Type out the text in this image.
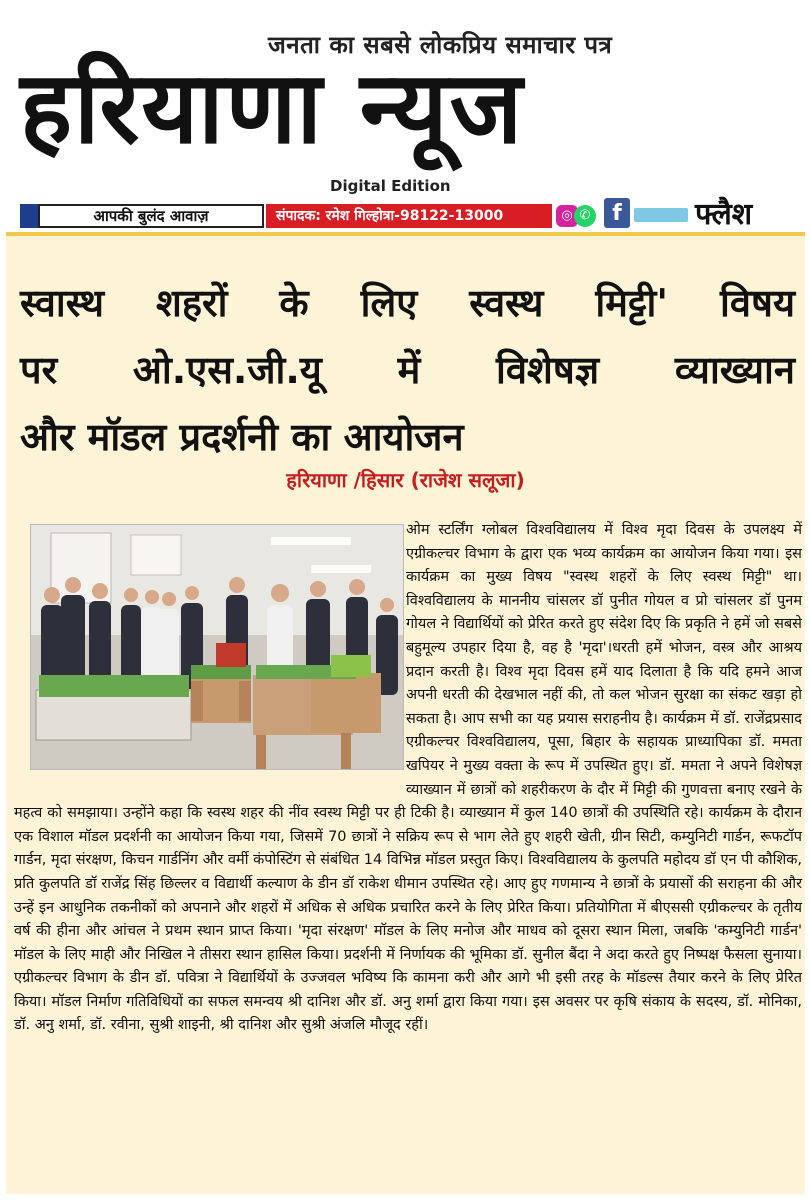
जनता का सबसे लोकप्रिय समाचार पत्र
हरियाणा न्यूज
Digital Edition
फ्लैश
आपकी बुलंद आवाज़	संपादक: रमेश गिल्होत्रा-98122-13000	◎ ✆ f
स्वास्थ शहरों के लिए स्वस्थ मिट्टी' विषय
पर ओ.एस.जी.यू में विशेषज्ञ व्याख्यान
और मॉडल प्रदर्शनी का आयोजन
हरियाणा /हिसार (राजेश सलूजा)
ओम स्टर्लिंग ग्लोबल विश्वविद्यालय में विश्व मृदा दिवस के उपलक्ष्य में एग्रीकल्चर विभाग के द्वारा एक भव्य कार्यक्रम का आयोजन किया गया। इस कार्यक्रम का मुख्य विषय "स्वस्थ शहरों के लिए स्वस्थ मिट्टी" था। विश्वविद्यालय के माननीय चांसलर डॉ पुनीत गोयल व प्रो चांसलर डॉ पुनम गोयल ने विद्यार्थियों को प्रेरित करते हुए संदेश दिए कि प्रकृति ने हमें जो सबसे बहुमूल्य उपहार दिया है, वह है 'मृदा'।धरती हमें भोजन, वस्त्र और आश्रय प्रदान करती है। विश्व मृदा दिवस हमें याद दिलाता है कि यदि हमने आज अपनी धरती की देखभाल नहीं की, तो कल भोजन सुरक्षा का संकट खड़ा हो सकता है। आप सभी का यह प्रयास सराहनीय है। कार्यक्रम में डॉ. राजेंद्रप्रसाद एग्रीकल्चर विश्वविद्यालय, पूसा, बिहार के सहायक प्राध्यापिका डॉ. ममता खपियर ने मुख्य वक्ता के रूप में उपस्थित हुए। डॉ. ममता ने अपने विशेषज्ञ व्याख्यान में छात्रों को शहरीकरण के दौर में मिट्टी की गुणवत्ता बनाए रखने के महत्व को समझाया। उन्होंने कहा कि स्वस्थ शहर की नींव स्वस्थ मिट्टी पर ही टिकी है। व्याख्यान में कुल 140 छात्रों की उपस्थिति रहे। कार्यक्रम के दौरान एक विशाल मॉडल प्रदर्शनी का आयोजन किया गया, जिसमें 70 छात्रों ने सक्रिय रूप से भाग लेते हुए शहरी खेती, ग्रीन सिटी, कम्युनिटी गार्डन, रूफटॉप गार्डन, मृदा संरक्षण, किचन गार्डनिंग और वर्मी कंपोस्टिंग से संबंधित 14 विभिन्न मॉडल प्रस्तुत किए। विश्वविद्यालय के कुलपति महोदय डॉ एन पी कौशिक, प्रति कुलपति डॉ राजेंद्र सिंह छिल्लर व विद्यार्थी कल्याण के डीन डॉ राकेश धीमान उपस्थित रहे। आए हुए गणमान्य ने छात्रों के प्रयासों की सराहना की और उन्हें इन आधुनिक तकनीकों को अपनाने और शहरों में अधिक से अधिक प्रचारित करने के लिए प्रेरित किया। प्रतियोगिता में बीएससी एग्रीकल्चर के तृतीय वर्ष की हीना और आंचल ने प्रथम स्थान प्राप्त किया। 'मृदा संरक्षण' मॉडल के लिए मनोज और माधव को दूसरा स्थान मिला, जबकि 'कम्युनिटी गार्डन' मॉडल के लिए माही और निखिल ने तीसरा स्थान हासिल किया। प्रदर्शनी में निर्णायक की भूमिका डॉ. सुनील बैंदा ने अदा करते हुए निष्पक्ष फैसला सुनाया। एग्रीकल्चर विभाग के डीन डॉ. पवित्रा ने विद्यार्थियों के उज्जवल भविष्य कि कामना करी और आगे भी इसी तरह के मॉडल्स तैयार करने के लिए प्रेरित किया। मॉडल निर्माण गतिविधियों का सफल समन्वय श्री दानिश और डॉ. अनु शर्मा द्वारा किया गया। इस अवसर पर कृषि संकाय के सदस्य, डॉ. मोनिका, डॉ. अनु शर्मा, डॉ. रवीना, सुश्री शाइनी, श्री दानिश और सुश्री अंजलि मौजूद रहीं।
